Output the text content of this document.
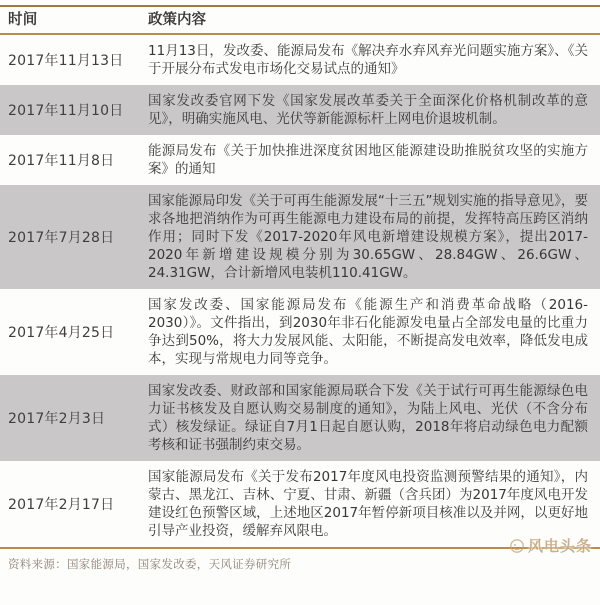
时间	政策内容
2017年11月13日
11月13日，发改委、能源局发布《解决弃水弃风弃光问题实施方案》、《关于开展分布式发电市场化交易试点的通知》
2017年11月10日
国家发改委官网下发《国家发展改革委关于全面深化价格机制改革的意见》，明确实施风电、光伏等新能源标杆上网电价退坡机制。
2017年11月8日
能源局发布《关于加快推进深度贫困地区能源建设助推脱贫攻坚的实施方案》的通知
2017年7月28日
国家能源局印发《关于可再生能源发展“十三五”规划实施的指导意见》，要求各地把消纳作为可再生能源电力建设布局的前提，发挥特高压跨区消纳作用；同时下发《2017-2020年风电新增建设规模方案》，提出2017-2020年新增建设规模分别为30.65GW、28.84GW、26.6GW、24.31GW，合计新增风电装机110.41GW。
2017年4月25日
国家发改委、国家能源局发布《能源生产和消费革命战略（2016-2030）》。文件指出，到2030年非石化能源发电量占全部发电量的比重力争达到50%，将大力发展风能、太阳能，不断提高发电效率，降低发电成本，实现与常规电力同等竞争。
2017年2月3日
国家发改委、财政部和国家能源局联合下发《关于试行可再生能源绿色电力证书核发及自愿认购交易制度的通知》，为陆上风电、光伏（不含分布式）核发绿证。绿证自7月1日起自愿认购，2018年将启动绿色电力配额考核和证书强制约束交易。
2017年2月17日
国家能源局发布《关于发布2017年度风电投资监测预警结果的通知》，内蒙古、黑龙江、吉林、宁夏、甘肃、新疆（含兵团）为2017年度风电开发建设红色预警区域，上述地区2017年暂停新项目核准以及并网，以更好地引导产业投资，缓解弃风限电。
风电头条
资料来源：国家能源局，国家发改委，天风证券研究所
